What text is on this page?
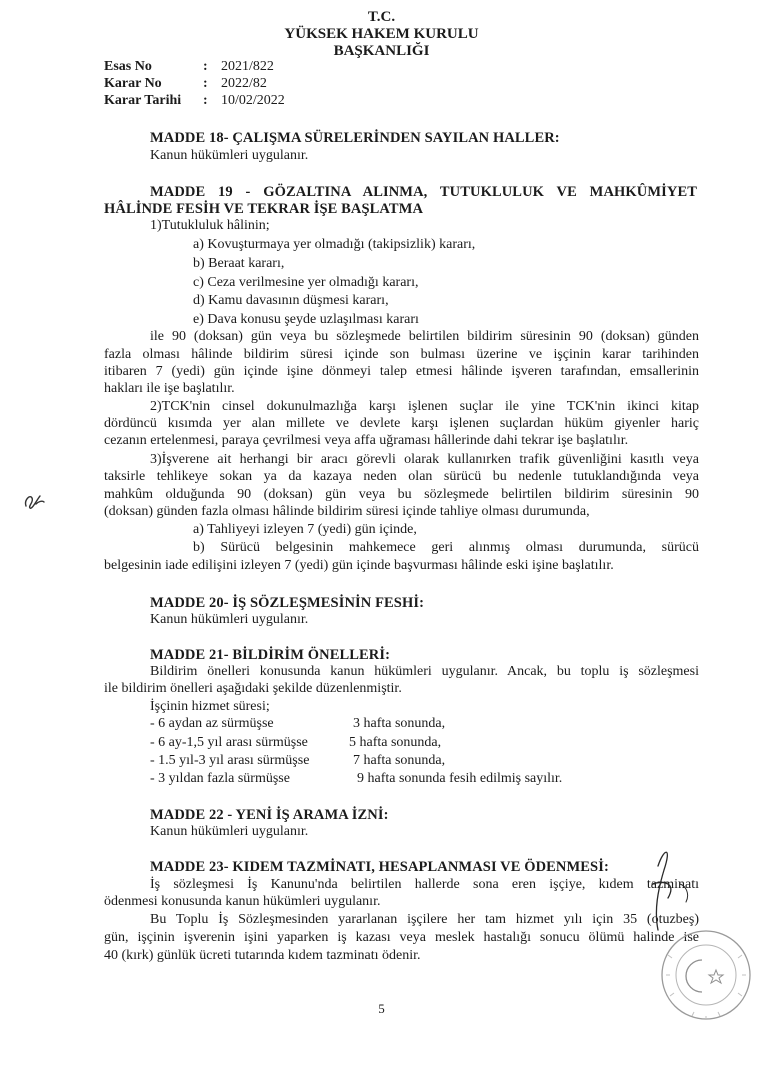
T.C.
YÜKSEK HAKEM KURULU
BAŞKANLIĞI
Esas No	: 2021/822
Karar No	: 2022/82
Karar Tarihi : 10/02/2022
MADDE 18- ÇALIŞMA SÜRELERİNDEN SAYILAN HALLER:
Kanun hükümleri uygulanır.
MADDE 19 - GÖZALTINA ALINMA, TUTUKLULUK VE MAHKÛMİYET
HÂLİNDE FESİH VE TEKRAR İŞE BAŞLATMA
1)Tutukluluk hâlinin;
a) Kovuşturmaya yer olmadığı (takipsizlik) kararı,
b) Beraat kararı,
c) Ceza verilmesine yer olmadığı kararı,
d) Kamu davasının düşmesi kararı,
e) Dava konusu şeyde uzlaşılması kararı
ile 90 (doksan) gün veya bu sözleşmede belirtilen bildirim süresinin 90 (doksan) günden
fazla olması hâlinde bildirim süresi içinde son bulması üzerine ve işçinin karar tarihinden
itibaren 7 (yedi) gün içinde işine dönmeyi talep etmesi hâlinde işveren tarafından, emsallerinin
hakları ile işe başlatılır.
2)TCK'nin cinsel dokunulmazlığa karşı işlenen suçlar ile yine TCK'nin ikinci kitap
dördüncü kısımda yer alan millete ve devlete karşı işlenen suçlardan hüküm giyenler hariç
cezanın ertelenmesi, paraya çevrilmesi veya affa uğraması hâllerinde dahi tekrar işe başlatılır.
3)İşverene ait herhangi bir aracı görevli olarak kullanırken trafik güvenliğini kasıtlı veya
taksirle tehlikeye sokan ya da kazaya neden olan sürücü bu nedenle tutuklandığında veya
mahkûm olduğunda 90 (doksan) gün veya bu sözleşmede belirtilen bildirim süresinin 90
(doksan) günden fazla olması hâlinde bildirim süresi içinde tahliye olması durumunda,
a) Tahliyeyi izleyen 7 (yedi) gün içinde,
b) Sürücü belgesinin mahkemece geri alınmış olması durumunda, sürücü
belgesinin iade edilişini izleyen 7 (yedi) gün içinde başvurması hâlinde eski işine başlatılır.
MADDE 20- İŞ SÖZLEŞMESİNİN FESHİ:
Kanun hükümleri uygulanır.
MADDE 21- BİLDİRİM ÖNELLERİ:
Bildirim önelleri konusunda kanun hükümleri uygulanır. Ancak, bu toplu iş sözleşmesi
ile bildirim önelleri aşağıdaki şekilde düzenlenmiştir.
İşçinin hizmet süresi;
- 6 aydan az sürmüşse	3 hafta sonunda,
- 6 ay-1,5 yıl arası sürmüşse	5 hafta sonunda,
- 1.5 yıl-3 yıl arası sürmüşse	7 hafta sonunda,
- 3 yıldan fazla sürmüşse	9 hafta sonunda fesih edilmiş sayılır.
MADDE 22 - YENİ İŞ ARAMA İZNİ:
Kanun hükümleri uygulanır.
MADDE 23- KIDEM TAZMİNATI, HESAPLANMASI VE ÖDENMESİ:
İş sözleşmesi İş Kanunu'nda belirtilen hallerde sona eren işçiye, kıdem tazminatı
ödenmesi konusunda kanun hükümleri uygulanır.
Bu Toplu İş Sözleşmesinden yararlanan işçilere her tam hizmet yılı için 35 (otuzbeş)
gün, işçinin işverenin işini yaparken iş kazası veya meslek hastalığı sonucu ölümü halinde ise
40 (kırk) günlük ücreti tutarında kıdem tazminatı ödenir.
5
